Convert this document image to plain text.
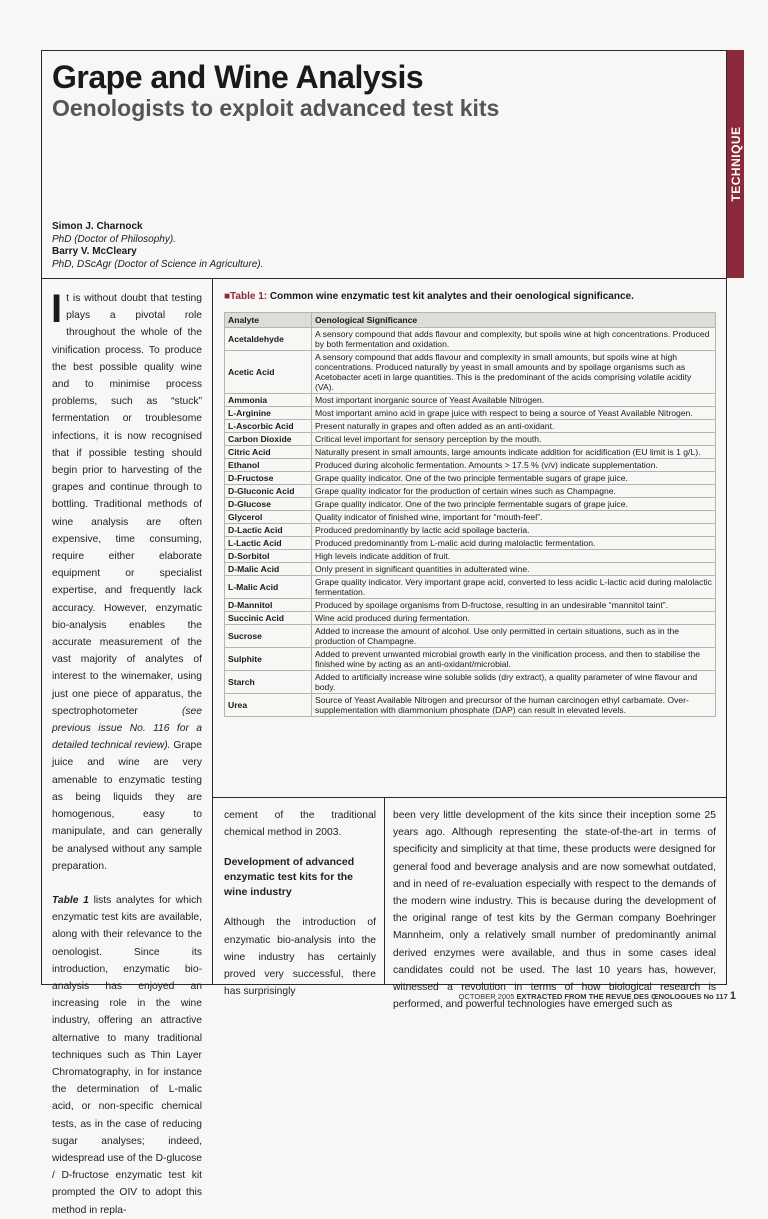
TECHNIQUE
Grape and Wine Analysis
Oenologists to exploit advanced test kits
Simon J. Charnock
PhD (Doctor of Philosophy).
Barry V. McCleary
PhD, DScAgr (Doctor of Science in Agriculture).

It is without doubt that testing plays a pivotal role throughout the whole of the vinification process. To produce the best possible quality wine and to minimise process problems, such as “stuck” fermentation or troublesome infections, it is now recognised that if possible testing should begin prior to harvesting of the grapes and continue through to bottling. Traditional methods of wine analysis are often expensive, time consuming, require either elaborate equipment or specialist expertise, and frequently lack accuracy. However, enzymatic bio-analysis enables the accurate measurement of the vast majority of analytes of interest to the winemaker, using just one piece of apparatus, the spectrophotometer	(see previous issue No. 116 for a detailed technical review). Grape juice and wine are very amenable to enzymatic testing as being liquids they are homogenous, easy to manipulate, and can generally be analysed without any sample preparation.

Table 1 lists analytes for which enzymatic test kits are available, along with their relevance to the oenologist. Since its introduction, enzymatic bio-analysis has enjoyed an increasing role in the wine industry, offering an attractive alternative to many traditional techniques such as Thin Layer Chromatography, in for instance the determination of L-malic acid, or non-specific chemical tests, as in the case of reducing sugar analyses; indeed, widespread use of the D-glucose / D-fructose enzymatic test kit prompted the OIV to adopt this method in repla-

■Table 1: Common wine enzymatic test kit analytes and their oenological significance.
Analyte	Oenological Significance
Acetaldehyde	A sensory compound that adds flavour and complexity, but spoils wine at high concentrations. Produced by both fermentation and oxidation.
Acetic Acid	A sensory compound that adds flavour and complexity in small amounts, but spoils wine at high concentrations. Produced naturally by yeast in small amounts and by spoilage organisms such as Acetobacter aceti in large quantities. This is the predominant of the acids comprising volatile acidity (VA).
Ammonia	Most important inorganic source of Yeast Available Nitrogen.
L-Arginine	Most important amino acid in grape juice with respect to being a source of Yeast Available Nitrogen.
L-Ascorbic Acid	Present naturally in grapes and often added as an anti-oxidant.
Carbon Dioxide	Critical level important for sensory perception by the mouth.
Citric Acid	Naturally present in small amounts, large amounts indicate addition for acidification (EU limit is 1 g/L).
Ethanol	Produced during alcoholic fermentation. Amounts > 17.5 % (v/v) indicate supplementation.
D-Fructose	Grape quality indicator. One of the two principle fermentable sugars of grape juice.
D-Gluconic Acid	Grape quality indicator for the production of certain wines such as Champagne.
D-Glucose	Grape quality indicator. One of the two principle fermentable sugars of grape juice.
Glycerol	Quality indicator of finished wine, important for “mouth-feel”.
D-Lactic Acid	Produced predominantly by lactic acid spoilage bacteria.
L-Lactic Acid	Produced predominantly from L-malic acid during malolactic fermentation.
D-Sorbitol	High levels indicate addition of fruit.
D-Malic Acid	Only present in significant quantities in adulterated wine.
L-Malic Acid	Grape quality indicator. Very important grape acid, converted to less acidic L-lactic acid during malolactic fermentation.
D-Mannitol	Produced by spoilage organisms from D-fructose, resulting in an undesirable “mannitol taint”.
Succinic Acid	Wine acid produced during fermentation.
Sucrose	Added to increase the amount of alcohol. Use only permitted in certain situations, such as in the production of Champagne.
Sulphite	Added to prevent unwanted microbial growth early in the vinification process, and then to stabilise the finished wine by acting as an anti-oxidant/microbial.
Starch	Added to artificially increase wine soluble solids (dry extract), a quality parameter of wine flavour and body.
Urea	Source of Yeast Available Nitrogen and precursor of the human carcinogen ethyl carbamate. Over-supplementation with diammonium phosphate (DAP) can result in elevated levels.

cement of the traditional chemical method in 2003.

Development of advanced enzymatic test kits for the wine industry

Although the introduction of enzymatic bio-analysis into the wine industry has certainly proved very successful, there has surprisingly

been very little development of the kits since their inception some 25 years ago. Although representing the state-of-the-art in terms of specificity and simplicity at that time, these products were designed for general food and beverage analysis and are now somewhat outdated, and in need of re-evaluation especially with respect to the demands of the modern wine industry. This is because during the development of the original range of test kits by the German company Boehringer Mannheim, only a relatively small number of predominantly animal derived enzymes were available, and thus in some cases ideal candidates could not be used. The last 10 years has, however, witnessed a revolution in terms of how biological research is performed, and powerful technologies have emerged such as

OCTOBER 2005 EXTRACTED FROM THE REVUE DES ŒNOLOGUES No 117 1
